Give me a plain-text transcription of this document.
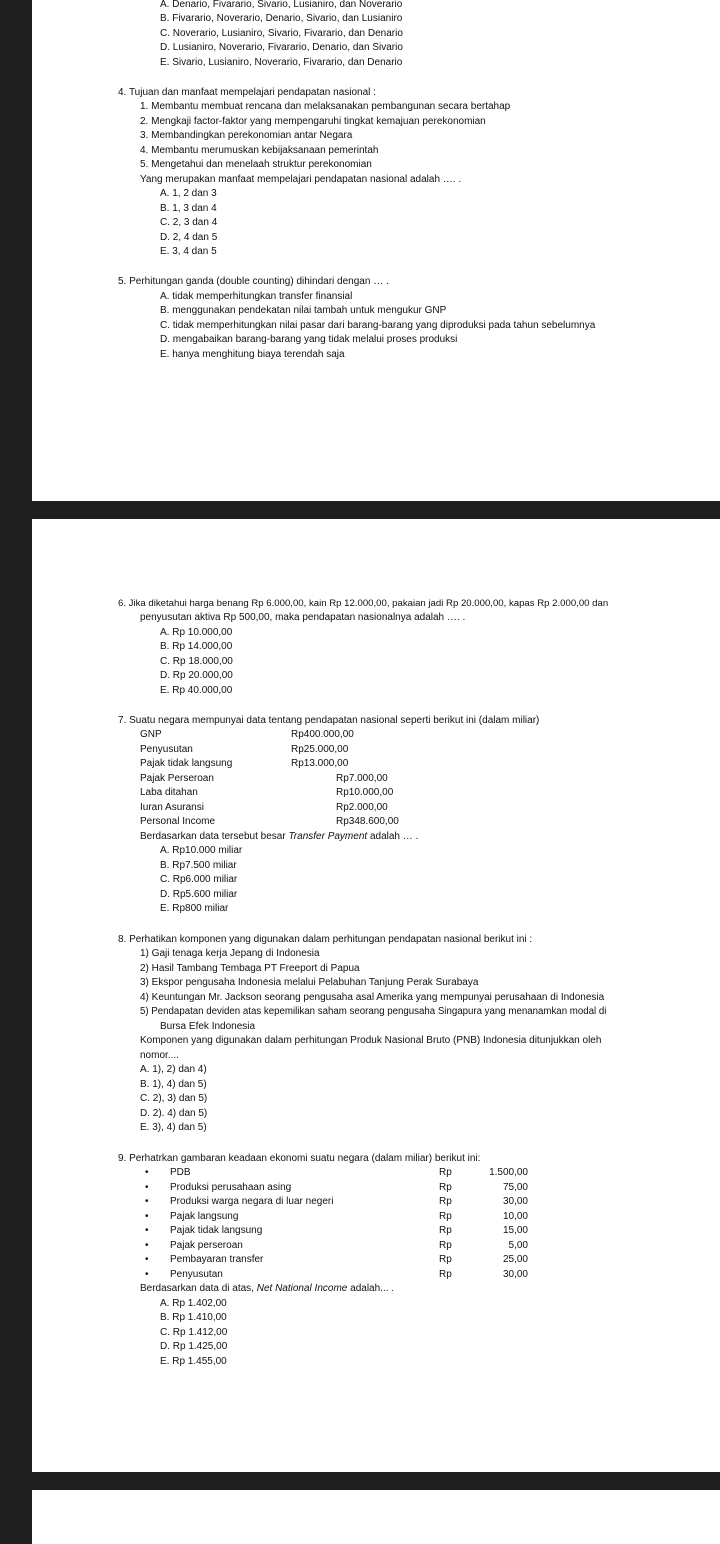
A. Denario, Fivarario, Sivario, Lusianiro, dan Noverario
B. Fivarario, Noverario, Denario, Sivario, dan Lusianiro
C. Noverario, Lusianiro, Sivario, Fivarario, dan Denario
D. Lusianiro, Noverario, Fivarario, Denario, dan Sivario
E. Sivario, Lusianiro, Noverario, Fivarario, dan Denario
4. Tujuan dan manfaat mempelajari pendapatan nasional :
1. Membantu membuat rencana dan melaksanakan pembangunan secara bertahap
2. Mengkaji factor-faktor yang mempengaruhi tingkat kemajuan perekonomian
3. Membandingkan perekonomian antar Negara
4. Membantu merumuskan kebijaksanaan pemerintah
5. Mengetahui dan menelaah struktur perekonomian
Yang merupakan manfaat mempelajari pendapatan nasional adalah …. .
A. 1, 2 dan 3
B. 1, 3 dan 4
C. 2, 3 dan 4
D. 2, 4 dan 5
E. 3, 4 dan 5
5. Perhitungan ganda (double counting) dihindari dengan … .
A. tidak memperhitungkan transfer finansial
B. menggunakan pendekatan nilai tambah untuk mengukur GNP
C. tidak memperhitungkan nilai pasar dari barang-barang yang diproduksi pada tahun sebelumnya
D. mengabaikan barang-barang yang tidak melalui proses produksi
E. hanya menghitung biaya terendah saja
6. Jika diketahui harga benang Rp 6.000,00, kain Rp 12.000,00, pakaian jadi Rp 20.000,00, kapas Rp 2.000,00 dan
penyusutan aktiva Rp 500,00, maka pendapatan nasionalnya adalah …. .
A. Rp 10.000,00
B. Rp 14.000,00
C. Rp 18.000,00
D. Rp 20.000,00
E. Rp 40.000,00
7. Suatu negara mempunyai data tentang pendapatan nasional seperti berikut ini (dalam miliar)
GNP	Rp400.000,00
Penyusutan	Rp25.000,00
Pajak tidak langsung	Rp13.000,00
Pajak Perseroan	Rp7.000,00
Laba ditahan	Rp10.000,00
Iuran Asuransi	Rp2.000,00
Personal Income	Rp348.600,00
Berdasarkan data tersebut besar Transfer Payment adalah … .
A. Rp10.000 miliar
B. Rp7.500 miliar
C. Rp6.000 miliar
D. Rp5.600 miliar
E. Rp800 miliar
8. Perhatikan komponen yang digunakan dalam perhitungan pendapatan nasional berikut ini :
1) Gaji tenaga kerja Jepang di Indonesia
2) Hasil Tambang Tembaga PT Freeport di Papua
3) Ekspor pengusaha Indonesia melalui Pelabuhan Tanjung Perak Surabaya
4) Keuntungan Mr. Jackson seorang pengusaha asal Amerika yang mempunyai perusahaan di Indonesia
5) Pendapatan deviden atas kepemilikan saham seorang pengusaha Singapura yang menanamkan modal di
Bursa Efek Indonesia
Komponen yang digunakan dalam perhitungan Produk Nasional Bruto (PNB) Indonesia ditunjukkan oleh
nomor....
A. 1), 2) dan 4)
B. 1), 4) dan 5)
C. 2), 3) dan 5)
D. 2). 4) dan 5)
E. 3), 4) dan 5)
9. Perhatrkan gambaran keadaan ekonomi suatu negara (dalam miliar) berikut ini:
• PDB	Rp	1.500,00
• Produksi perusahaan asing	Rp	75,00
• Produksi warga negara di luar negeri	Rp	30,00
• Pajak langsung	Rp	10,00
• Pajak tidak langsung	Rp	15,00
• Pajak perseroan	Rp	5,00
• Pembayaran transfer	Rp	25,00
• Penyusutan	Rp	30,00
Berdasarkan data di atas, Net National Income adalah... .
A. Rp 1.402,00
B. Rp 1.410,00
C. Rp 1.412,00
D. Rp 1.425,00
E. Rp 1.455,00
